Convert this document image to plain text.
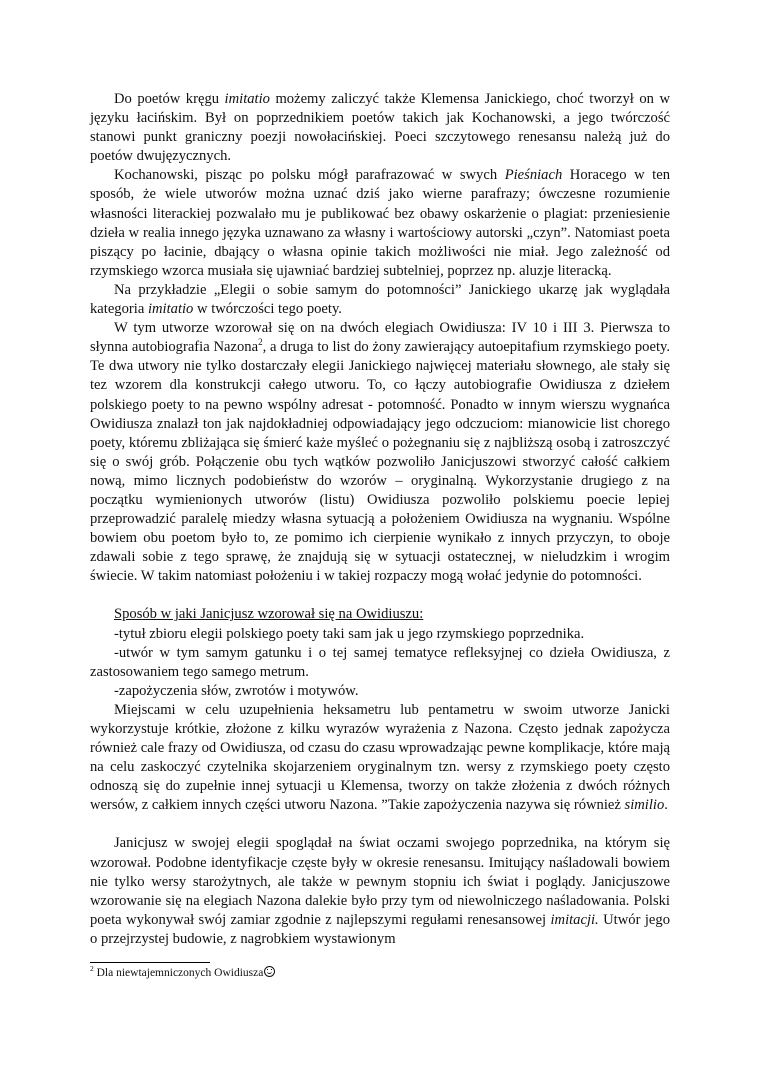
Do poetów kręgu imitatio możemy zaliczyć także Klemensa Janickiego, choć tworzył on w języku łacińskim. Był on poprzednikiem poetów takich jak Kochanowski, a jego twórczość stanowi punkt graniczny poezji nowołacińskiej. Poeci szczytowego renesansu należą już do poetów dwujęzycznych.

Kochanowski, pisząc po polsku mógł parafrazować w swych Pieśniach Horacego w ten sposób, że wiele utworów można uznać dziś jako wierne parafrazy; ówczesne rozumienie własności literackiej pozwalało mu je publikować bez obawy oskarżenie o plagiat: przeniesienie dzieła w realia innego języka uznawano za własny i wartościowy autorski „czyn”. Natomiast poeta piszący po łacinie, dbający o własna opinie takich możliwości nie miał. Jego zależność od rzymskiego wzorca musiała się ujawniać bardziej subtelniej, poprzez np. aluzje literacką.

Na przykładzie „Elegii o sobie samym do potomności” Janickiego ukarzę jak wyglądała kategoria imitatio w twórczości tego poety.

W tym utworze wzorował się on na dwóch elegiach Owidiusza: IV 10 i III 3. Pierwsza to słynna autobiografia Nazona$^2$, a druga to list do żony zawierający autoepitafium rzymskiego poety. Te dwa utwory nie tylko dostarczały elegii Janickiego najwięcej materiału słownego, ale stały się tez wzorem dla konstrukcji całego utworu. To, co łączy autobiografie Owidiusza z dziełem polskiego poety to na pewno wspólny adresat - potomność. Ponadto w innym wierszu wygnańca Owidiusza znalazł ton jak najdokładniej odpowiadający jego odczuciom: mianowicie list chorego poety, któremu zbliżająca się śmierć każe myśleć o pożegnaniu się z najbliższą osobą i zatroszczyć się o swój grób. Połączenie obu tych wątków pozwoliło Janicjuszowi stworzyć całość całkiem nową, mimo licznych podobieństw do wzorów – oryginalną. Wykorzystanie drugiego z na początku wymienionych utworów (listu) Owidiusza pozwoliło polskiemu poecie lepiej przeprowadzić paralelę miedzy własna sytuacją a położeniem Owidiusza na wygnaniu. Wspólne bowiem obu poetom było to, ze pomimo ich cierpienie wynikało z innych przyczyn, to oboje zdawali sobie z tego sprawę, że znajdują się w sytuacji ostatecznej, w nieludzkim i wrogim świecie. W takim natomiast położeniu i w takiej rozpaczy mogą wołać jedynie do potomności.

Sposób w jaki Janicjusz wzorował się na Owidiuszu:

-tytuł zbioru elegii polskiego poety taki sam jak u jego rzymskiego poprzednika.

-utwór w tym samym gatunku i o tej samej tematyce refleksyjnej co dzieła Owidiusza, z zastosowaniem tego samego metrum.

-zapożyczenia słów, zwrotów i motywów.

Miejscami w celu uzupełnienia heksametru lub pentametru w swoim utworze Janicki wykorzystuje krótkie, złożone z kilku wyrazów wyrażenia z Nazona. Często jednak zapożycza również cale frazy od Owidiusza, od czasu do czasu wprowadzając pewne komplikacje, które mają na celu zaskoczyć czytelnika skojarzeniem oryginalnym tzn. wersy z rzymskiego poety często odnoszą się do zupełnie innej sytuacji u Klemensa, tworzy on także złożenia z dwóch różnych wersów, z całkiem innych części utworu Nazona. ”Takie zapożyczenia nazywa się również similio.

Janicjusz w swojej elegii spoglądał na świat oczami swojego poprzednika, na którym się wzorował. Podobne identyfikacje częste były w okresie renesansu. Imitujący naśladowali bowiem nie tylko wersy starożytnych, ale także w pewnym stopniu ich świat i poglądy. Janicjuszowe wzorowanie się na elegiach Nazona dalekie było przy tym od niewolniczego naśladowania. Polski poeta wykonywał swój zamiar zgodnie z najlepszymi regułami renesansowej imitacji. Utwór jego o przejrzystej budowie, z nagrobkiem wystawionym

$^2$ Dla niewtajemniczonych Owidiusza
